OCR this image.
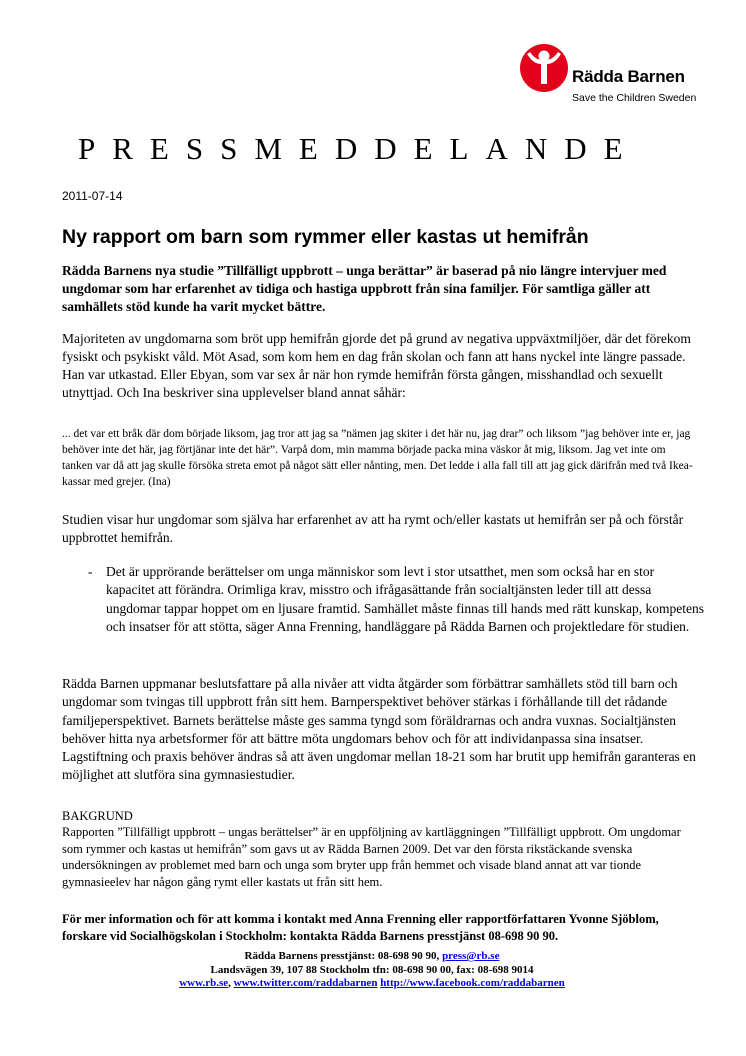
Rädda Barnen
Save the Children Sweden
PRESSMEDDELANDE
2011-07-14
Ny rapport om barn som rymmer eller kastas ut hemifrån
Rädda Barnens nya studie ”Tillfälligt uppbrott – unga berättar” är baserad på nio längre intervjuer med ungdomar som har erfarenhet av tidiga och hastiga uppbrott från sina familjer. För samtliga gäller att samhällets stöd kunde ha varit mycket bättre.
Majoriteten av ungdomarna som bröt upp hemifrån gjorde det på grund av negativa uppväxtmiljöer, där det förekom fysiskt och psykiskt våld. Möt Asad, som kom hem en dag från skolan och fann att hans nyckel inte längre passade. Han var utkastad. Eller Ebyan, som var sex år när hon rymde hemifrån första gången, misshandlad och sexuellt utnyttjad. Och Ina beskriver sina upplevelser bland annat såhär:
... det var ett bråk där dom började liksom, jag tror att jag sa ”nämen jag skiter i det här nu, jag drar” och liksom ”jag behöver inte er, jag behöver inte det här, jag förtjänar inte det här”. Varpå dom, min mamma började packa mina väskor åt mig, liksom. Jag vet inte om tanken var då att jag skulle försöka streta emot på något sätt eller nånting, men. Det ledde i alla fall till att jag gick därifrån med två Ikea-kassar med grejer. (Ina)
Studien visar hur ungdomar som själva har erfarenhet av att ha rymt och/eller kastats ut hemifrån ser på och förstår uppbrottet hemifrån.
- Det är upprörande berättelser om unga människor som levt i stor utsatthet, men som också har en stor kapacitet att förändra. Orimliga krav, misstro och ifrågasättande från socialtjänsten leder till att dessa ungdomar tappar hoppet om en ljusare framtid. Samhället måste finnas till hands med rätt kunskap, kompetens och insatser för att stötta, säger Anna Frenning, handläggare på Rädda Barnen och projektledare för studien.
Rädda Barnen uppmanar beslutsfattare på alla nivåer att vidta åtgärder som förbättrar samhällets stöd till barn och ungdomar som tvingas till uppbrott från sitt hem. Barnperspektivet behöver stärkas i förhållande till det rådande familjeperspektivet. Barnets berättelse måste ges samma tyngd som föräldrarnas och andra vuxnas. Socialtjänsten behöver hitta nya arbetsformer för att bättre möta ungdomars behov och för att individanpassa sina insatser. Lagstiftning och praxis behöver ändras så att även ungdomar mellan 18-21 som har brutit upp hemifrån garanteras en möjlighet att slutföra sina gymnasiestudier.
BAKGRUND
Rapporten ”Tillfälligt uppbrott – ungas berättelser” är en uppföljning av kartläggningen ”Tillfälligt uppbrott. Om ungdomar som rymmer och kastas ut hemifrån” som gavs ut av Rädda Barnen 2009. Det var den första rikstäckande svenska undersökningen av problemet med barn och unga som bryter upp från hemmet och visade bland annat att var tionde gymnasieelev har någon gång rymt eller kastats ut från sitt hem.
För mer information och för att komma i kontakt med Anna Frenning eller rapportförfattaren Yvonne Sjöblom, forskare vid Socialhögskolan i Stockholm: kontakta Rädda Barnens presstjänst 08-698 90 90.
Rädda Barnens presstjänst: 08-698 90 90, press@rb.se
Landsvägen 39, 107 88 Stockholm tfn: 08-698 90 00, fax: 08-698 9014
www.rb.se, www.twitter.com/raddabarnen http://www.facebook.com/raddabarnen
